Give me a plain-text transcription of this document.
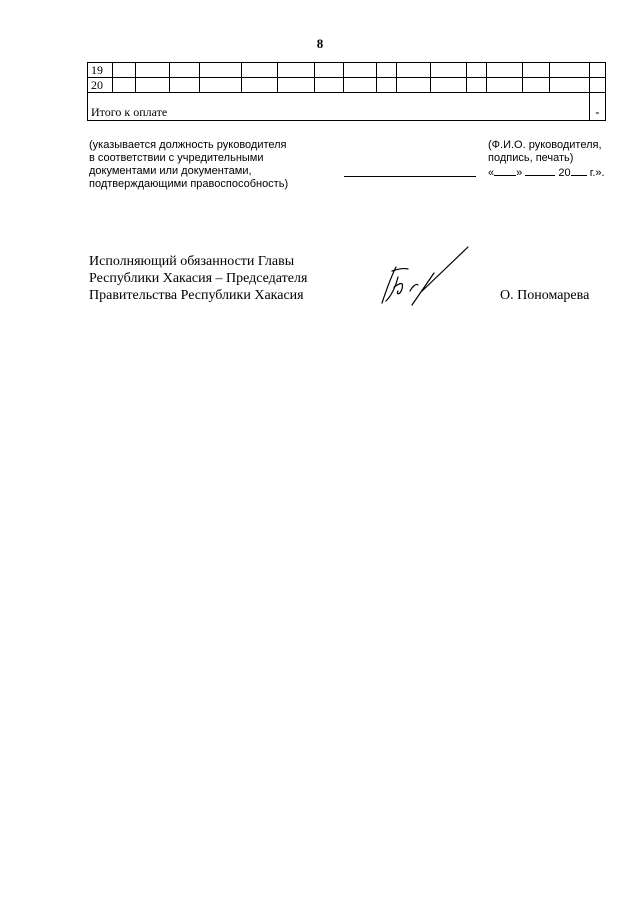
8
19																
20																
Итого к оплате																-
(указывается должность руководителя
в соответствии с учредительными
документами или документами,
подтверждающими правоспособность)
(Ф.И.О. руководителя,
подпись, печать)
« »	20 г.».
Исполняющий обязанности Главы
Республики Хакасия – Председателя
Правительства Республики Хакасия	О. Пономарева
